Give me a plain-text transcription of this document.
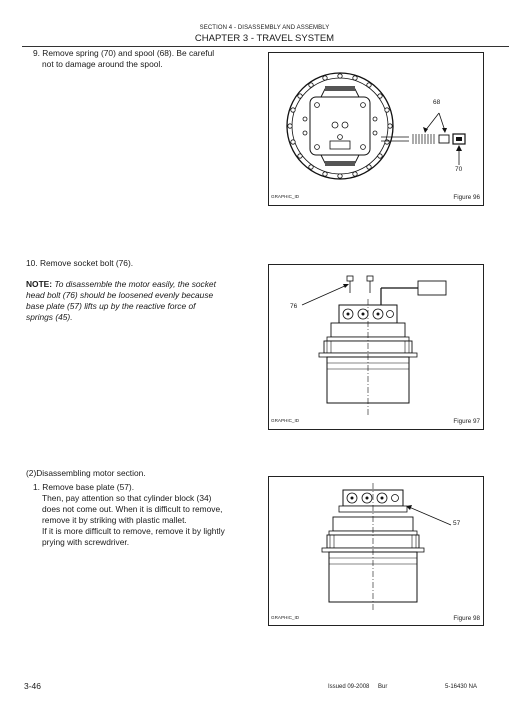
SECTION 4 - DISASSEMBLY AND ASSEMBLY
CHAPTER 3 - TRAVEL SYSTEM
9. Remove spring (70) and spool (68). Be careful
not to damage around the spool.
68
70
GRAPHIC_ID	Figure 96
10. Remove socket bolt (76).
NOTE: To disassemble the motor easily, the socket
head bolt (76) should be loosened evenly because
base plate (57) lifts up by the reactive force of
springs (45).
76
GRAPHIC_ID	Figure 97
(2)Disassembling motor section.
1. Remove base plate (57).
Then, pay attention so that cylinder block (34)
does not come out. When it is difficult to remove,
remove it by striking with plastic mallet.
If it is more difficult to remove, remove it by lightly
prying with screwdriver.
57
GRAPHIC_ID	Figure 98
3-46	Issued 09-2008 Bur	5-16430 NA
